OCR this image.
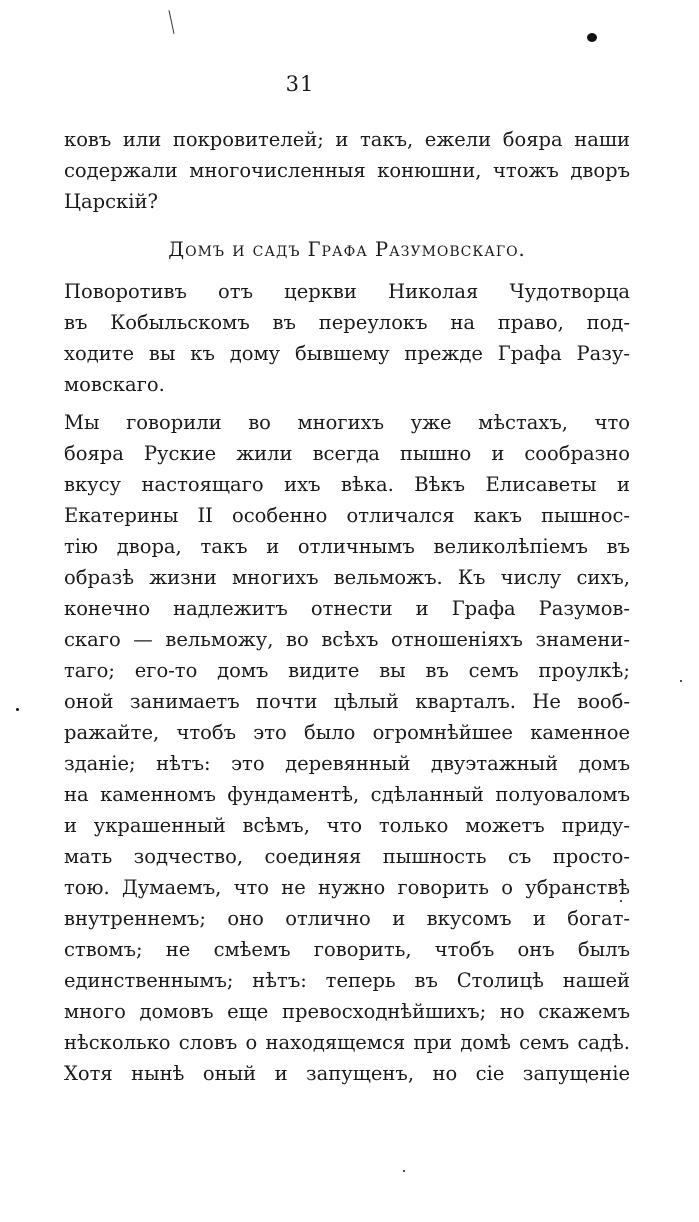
31
ковъ или покровителей; и такъ, ежели бояра наши
содержали многочисленныя конюшни, чтожъ дворъ
Царскій?
Домъ и садъ Графа Разумовскаго.
Поворотивъ отъ церкви Николая Чудотворца
въ Кобыльскомъ въ переулокъ на право, под-
ходите вы къ дому бывшему прежде Графа Разу-
мовскаго.
Мы говорили во многихъ уже мѣстахъ, что
бояра Руские жили всегда пышно и сообразно
вкусу настоящаго ихъ вѣка. Вѣкъ Елисаветы и
Екатерины II особенно отличался какъ пышнос-
тію двора, такъ и отличнымъ великолѣпіемъ въ
образѣ жизни многихъ вельможъ. Къ числу сихъ,
конечно надлежитъ отнести и Графа Разумов-
скаго — вельможу, во всѣхъ отношеніяхъ знамени-
таго; его-то домъ видите вы въ семъ проулкѣ;
оной занимаетъ почти цѣлый кварталъ. Не вооб-
ражайте, чтобъ это было огромнѣйшее каменное
зданіе; нѣтъ: это деревянный двуэтажный домъ
на каменномъ фундаментѣ, сдѣланный полуоваломъ
и украшенный всѣмъ, что только можетъ приду-
мать зодчество, соединяя пышность съ просто-
тою. Думаемъ, что не нужно говорить о убранствѣ
внутреннемъ; оно отлично и вкусомъ и богат-
ствомъ; не смѣемъ говорить, чтобъ онъ былъ
единственнымъ; нѣтъ: теперь въ Столицѣ нашей
много домовъ еще превосходнѣйшихъ; но скажемъ
нѣсколько словъ о находящемся при домѣ семъ садѣ.
Хотя нынѣ оный и запущенъ, но сіе запущеніе
